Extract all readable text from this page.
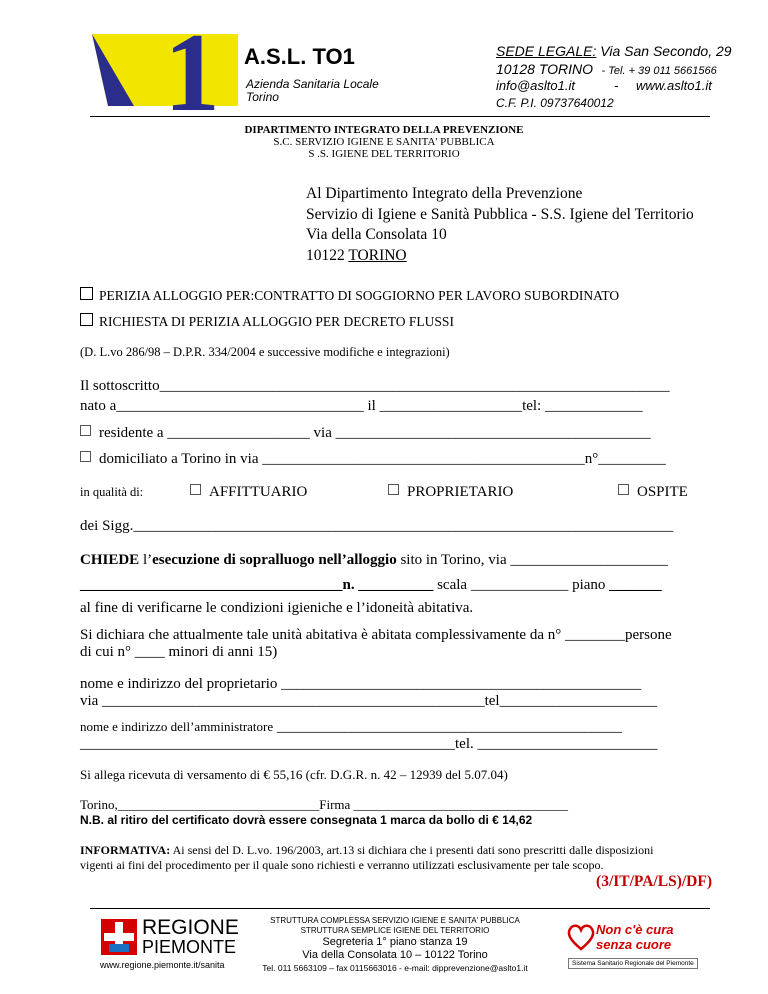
1 A.S.L. TO1
Azienda Sanitaria Locale
Torino
SEDE LEGALE: Via San Secondo, 29
10128 TORINO - Tel. + 39 011 5661566
info@aslto1.it	- www.aslto1.it
C.F. P.I. 09737640012
DIPARTIMENTO INTEGRATO DELLA PREVENZIONE
S.C. SERVIZIO IGIENE E SANITA' PUBBLICA
S .S. IGIENE DEL TERRITORIO
Al Dipartimento Integrato della Prevenzione
Servizio di Igiene e Sanità Pubblica - S.S. Igiene del Territorio
Via della Consolata 10
10122 TORINO
PERIZIA ALLOGGIO PER:CONTRATTO DI SOGGIORNO PER LAVORO SUBORDINATO
RICHIESTA DI PERIZIA ALLOGGIO PER DECRETO FLUSSI
(D. L.vo 286/98 – D.P.R. 334/2004 e successive modifiche e integrazioni)
Il sottoscritto____________________________________________________________________
nato a_________________________________ il ___________________tel: _____________
residente a ___________________ via __________________________________________
domiciliato a Torino in via ___________________________________________n°_________
in qualità di:	AFFITTUARIO	PROPRIETARIO	OSPITE
dei Sigg.________________________________________________________________________
CHIEDE l’esecuzione di sopralluogo nell’alloggio sito in Torino, via _____________________
___________________________________n. __________ scala _____________ piano _______
al fine di verificarne le condizioni igieniche e l’idoneità abitativa.
Si dichiara che attualmente tale unità abitativa è abitata complessivamente da n° ________persone
di cui n° ____ minori di anni 15)
nome e indirizzo del proprietario ________________________________________________
via ___________________________________________________tel_____________________
nome e indirizzo dell’amministratore ______________________________________________
__________________________________________________tel. ________________________
Si allega ricevuta di versamento di € 55,16 (cfr. D.G.R. n. 42 – 12939 del 5.07.04)
Torino,_______________________________Firma _________________________________
N.B. al ritiro del certificato dovrà essere consegnata 1 marca da bollo di € 14,62
INFORMATIVA: Ai sensi del D. L.vo. 196/2003, art.13 si dichiara che i presenti dati sono prescritti dalle disposizioni
vigenti ai fini del procedimento per il quale sono richiesti e verranno utilizzati esclusivamente per tale scopo.
(3/IT/PA/LS)/DF)
REGIONE
PIEMONTE
www.regione.piemonte.it/sanita
STRUTTURA COMPLESSA SERVIZIO IGIENE E SANITA' PUBBLICA
STRUTTURA SEMPLICE IGIENE DEL TERRITORIO
Segreteria 1° piano stanza 19
Via della Consolata 10 – 10122 Torino
Tel. 011 5663109 – fax 0115663016 - e-mail: dipprevenzione@aslto1.it
Non c'è cura
senza cuore
Sistema Sanitario Regionale del Piemonte
